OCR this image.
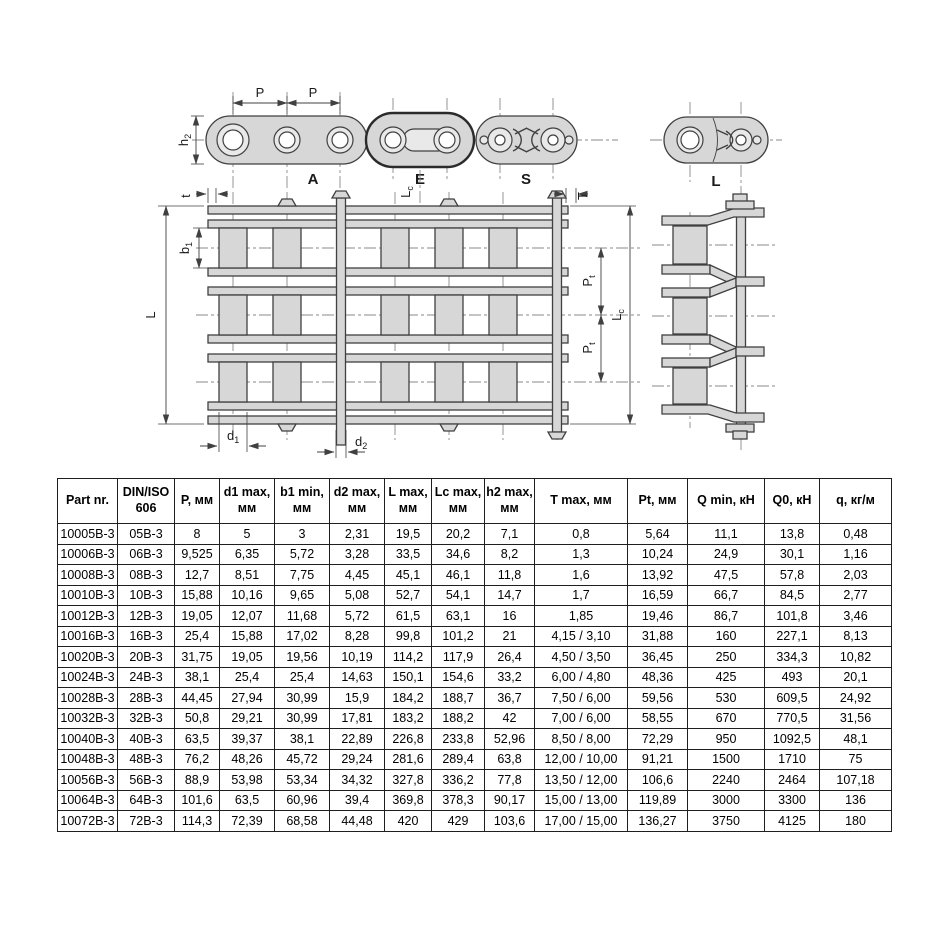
P	P
$h_2$
A	E	S	L
L
$b_1$
t	$L_c$
T
$P_t$
$P_t$
$L_c$
$d_1$	$d_2$
Part nr.	DIN/ISO 606	P, мм	d1 max, мм	b1 min, мм	d2 max, мм	L max, мм	Lc max, мм	h2 max, мм	T max, мм	Pt, мм	Q min, кН	Q0, кН	q, кг/м
10005B-3	05B-3	8	5	3	2,31	19,5	20,2	7,1	0,8	5,64	11,1	13,8	0,48
10006B-3	06B-3	9,525	6,35	5,72	3,28	33,5	34,6	8,2	1,3	10,24	24,9	30,1	1,16
10008B-3	08B-3	12,7	8,51	7,75	4,45	45,1	46,1	11,8	1,6	13,92	47,5	57,8	2,03
10010B-3	10B-3	15,88	10,16	9,65	5,08	52,7	54,1	14,7	1,7	16,59	66,7	84,5	2,77
10012B-3	12B-3	19,05	12,07	11,68	5,72	61,5	63,1	16	1,85	19,46	86,7	101,8	3,46
10016B-3	16B-3	25,4	15,88	17,02	8,28	99,8	101,2	21	4,15 / 3,10	31,88	160	227,1	8,13
10020B-3	20B-3	31,75	19,05	19,56	10,19	114,2	117,9	26,4	4,50 / 3,50	36,45	250	334,3	10,82
10024B-3	24B-3	38,1	25,4	25,4	14,63	150,1	154,6	33,2	6,00 / 4,80	48,36	425	493	20,1
10028B-3	28B-3	44,45	27,94	30,99	15,9	184,2	188,7	36,7	7,50 / 6,00	59,56	530	609,5	24,92
10032B-3	32B-3	50,8	29,21	30,99	17,81	183,2	188,2	42	7,00 / 6,00	58,55	670	770,5	31,56
10040B-3	40B-3	63,5	39,37	38,1	22,89	226,8	233,8	52,96	8,50 / 8,00	72,29	950	1092,5	48,1
10048B-3	48B-3	76,2	48,26	45,72	29,24	281,6	289,4	63,8	12,00 / 10,00	91,21	1500	1710	75
10056B-3	56B-3	88,9	53,98	53,34	34,32	327,8	336,2	77,8	13,50 / 12,00	106,6	2240	2464	107,18
10064B-3	64B-3	101,6	63,5	60,96	39,4	369,8	378,3	90,17	15,00 / 13,00	119,89	3000	3300	136
10072B-3	72B-3	114,3	72,39	68,58	44,48	420	429	103,6	17,00 / 15,00	136,27	3750	4125	180
